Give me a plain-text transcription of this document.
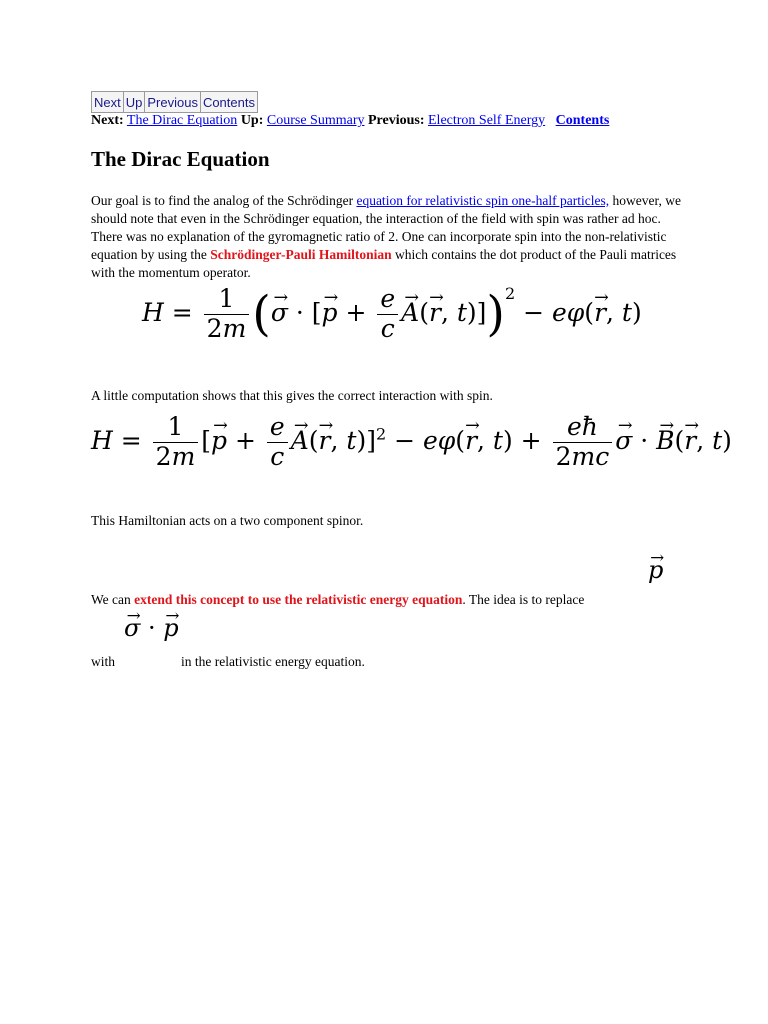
Next Up Previous Contents
Next: The Dirac Equation Up: Course Summary Previous: Electron Self Energy Contents
The Dirac Equation
Our goal is to find the analog of the Schrödinger equation for relativistic spin one-half particles, however, we should note that even in the Schrödinger equation, the interaction of the field with spin was rather ad hoc. There was no explanation of the gyromagnetic ratio of 2. One can incorporate spin into the non-relativistic equation by using the Schrödinger-Pauli Hamiltonian which contains the dot product of the Pauli matrices with the momentum operator.
$H = \frac{1}{2m}$ (→ σ · [→ $p + \frac{e}{c}$
→ A(→ r, t)])$^2$ − eφ(→ r, t)
A little computation shows that this gives the correct interaction with spin.
$H = \frac{1}{2m}$ [→ $p + \frac{e}{c}$
→ A(→ r, t)]$^2$ − eφ(→ r, $t) + \frac{eħ}{2mc}$
→ σ · → B(→ r, t)
This Hamiltonian acts on a two component spinor.
→ p
We can extend this concept to use the relativistic energy equation. The idea is to replace
→ σ · → p
with	in the relativistic energy equation.
